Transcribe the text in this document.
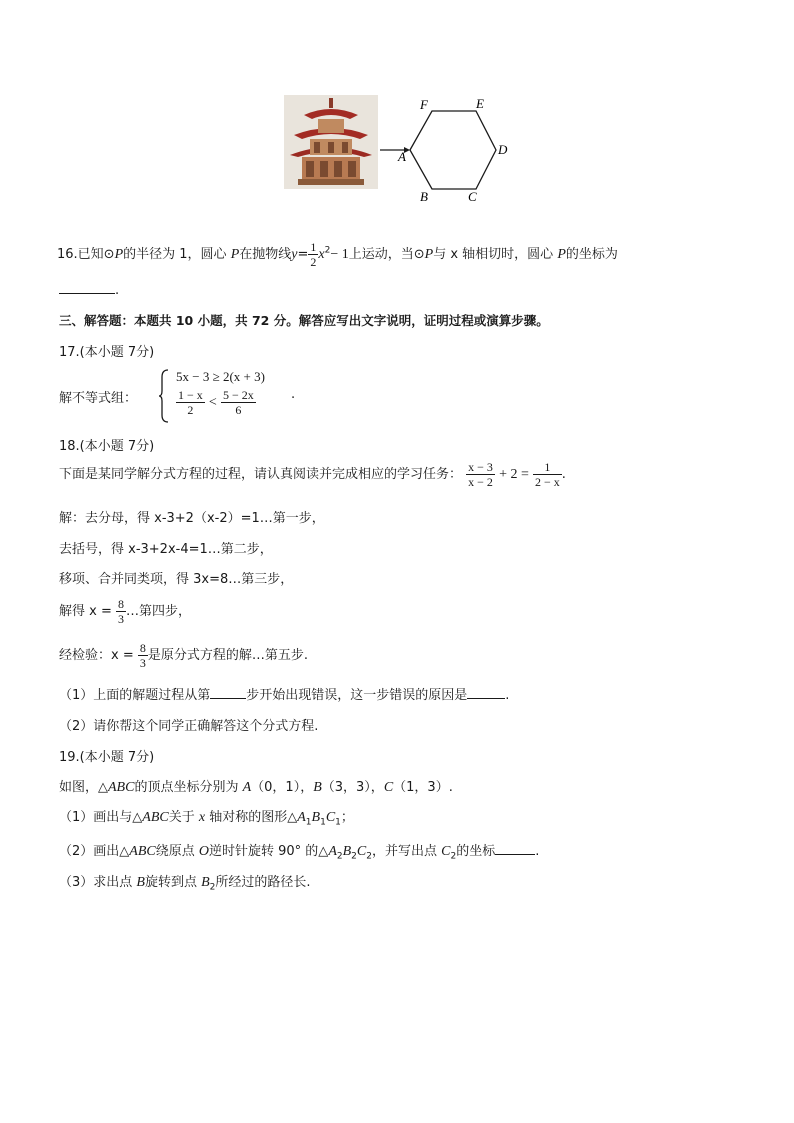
F	E
D
C
B
A
16.已知⊙P的半径为 1，圆心 P在抛物线$y= \frac{1}{2} x^2- 1$上运动，当⊙P与 x 轴相切时，圆心 P的坐标为
.
三、解答题：本题共 10 小题，共 72 分。解答应写出文字说明，证明过程或演算步骤。
17.(本小题 7分)
解不等式组：
5x − 3 ≥ 2(x + 3)
$\frac{1 - x}{2} < \frac{5 - 2x}{6}$	.
18.(本小题 7分)
下面是某同学解分式方程的过程，请认真阅读并完成相应的学习任务： $\frac{x - 3}{x - 2} + 2 = \frac{1}{2 - x}$ .
解：去分母，得 x-3+2（x-2）=1…第一步，
去括号，得 x-3+2x-4=1…第二步，
移项、合并同类项，得 3x=8…第三步，
解得 $x = \frac{8}{3}$ …第四步，
经检验：$x = \frac{8}{3}$ 是原分式方程的解…第五步.
（1）上面的解题过程从第	步开始出现错误，这一步错误的原因是	.
（2）请你帮这个同学正确解答这个分式方程.
19.(本小题 7分)
如图，△ABC的顶点坐标分别为 A（0，1），B（3，3），C（1，3）.
（1）画出与△ABC关于 x 轴对称的图形$\triangle A_1B_1C_1$；
（2）画出△ABC绕原点 O逆时针旋转 90° 的$\triangle A_2B_2C_2$，并写出点 $C_2$的坐标	.
（3）求出点 B旋转到点 $B_2$所经过的路径长.
